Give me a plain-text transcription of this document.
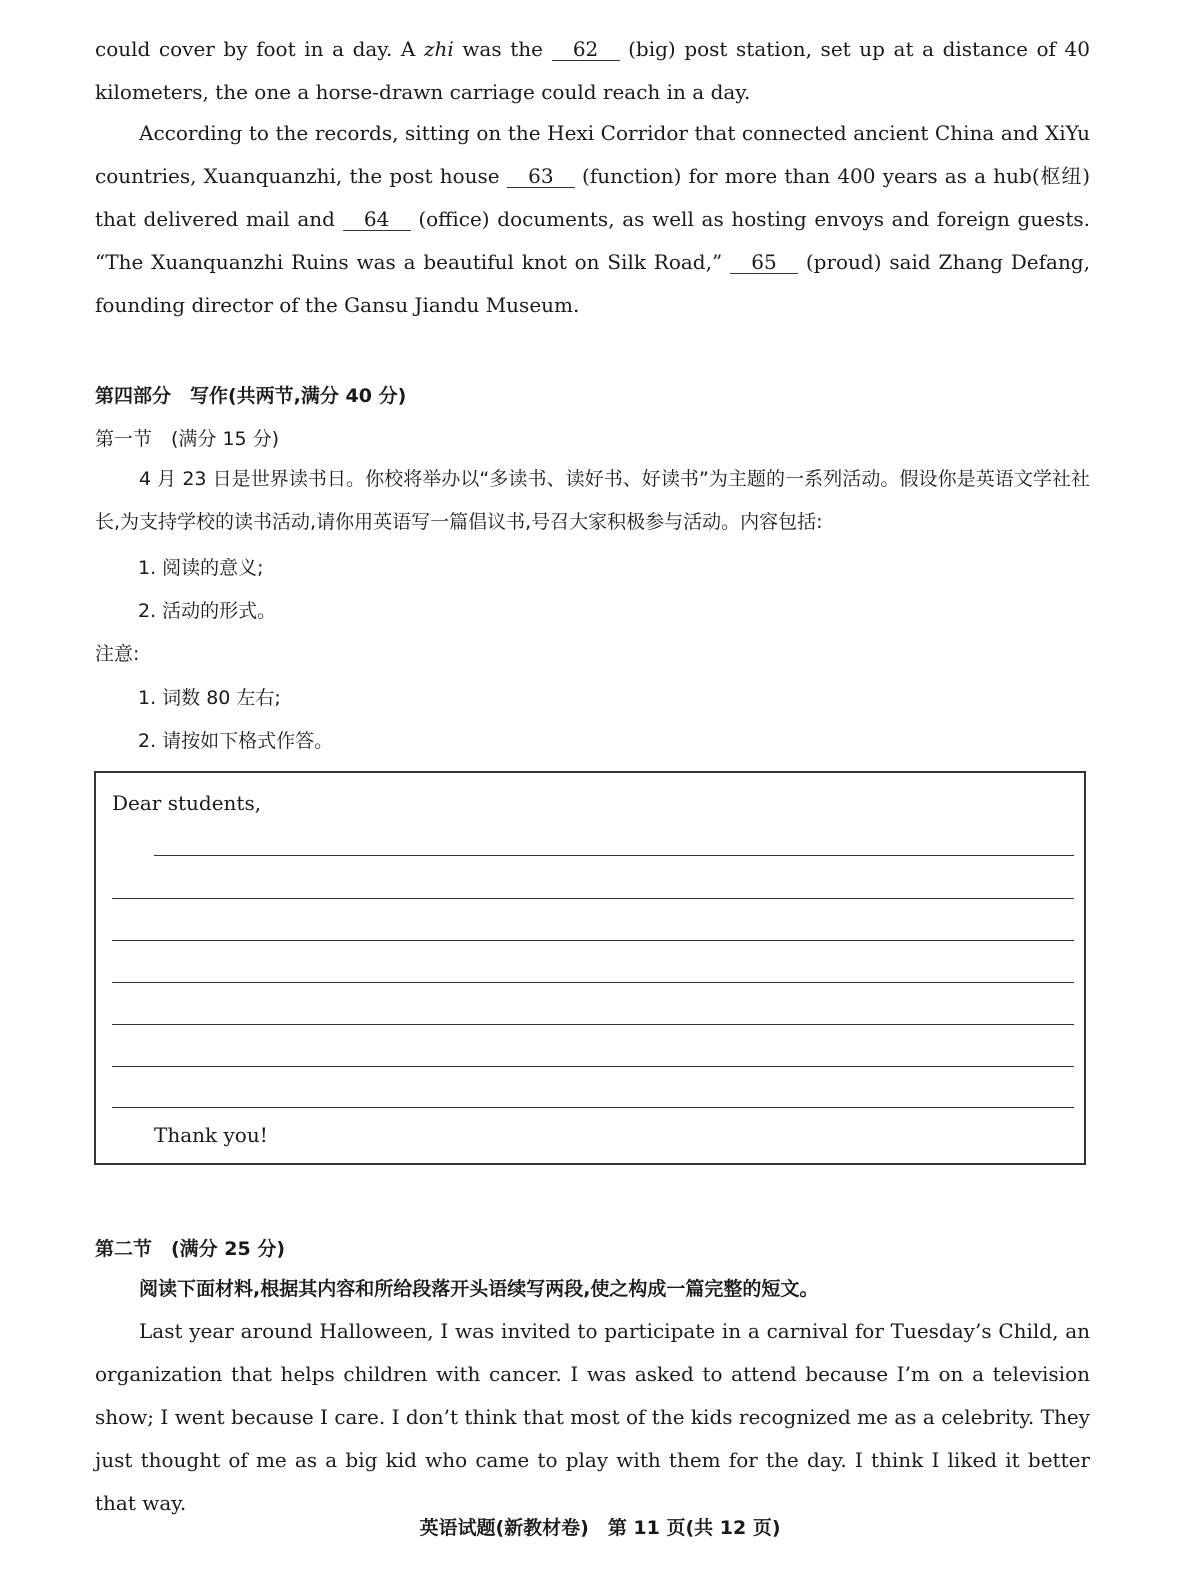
could cover by foot in a day. A zhi was the 62 (big) post station, set up at a distance of 40 kilometers, the one a horse-drawn carriage could reach in a day.
According to the records, sitting on the Hexi Corridor that connected ancient China and XiYu countries, Xuanquanzhi, the post house 63 (function) for more than 400 years as a hub(枢纽) that delivered mail and 64 (office) documents, as well as hosting envoys and foreign guests. “The Xuanquanzhi Ruins was a beautiful knot on Silk Road,” 65 (proud) said Zhang Defang, founding director of the Gansu Jiandu Museum.
第四部分　写作(共两节,满分 40 分)
第一节　(满分 15 分)
4 月 23 日是世界读书日。你校将举办以“多读书、读好书、好读书”为主题的一系列活动。假设你是英语文学社社长,为支持学校的读书活动,请你用英语写一篇倡议书,号召大家积极参与活动。内容包括:
1. 阅读的意义;
2. 活动的形式。
注意:
1. 词数 80 左右;
2. 请按如下格式作答。
Dear students,
Thank you!
第二节　(满分 25 分)
阅读下面材料,根据其内容和所给段落开头语续写两段,使之构成一篇完整的短文。
Last year around Halloween, I was invited to participate in a carnival for Tuesday’s Child, an organization that helps children with cancer. I was asked to attend because I’m on a television show; I went because I care. I don’t think that most of the kids recognized me as a celebrity. They just thought of me as a big kid who came to play with them for the day. I think I liked it better that way.
英语试题(新教材卷)　第 11 页(共 12 页)
